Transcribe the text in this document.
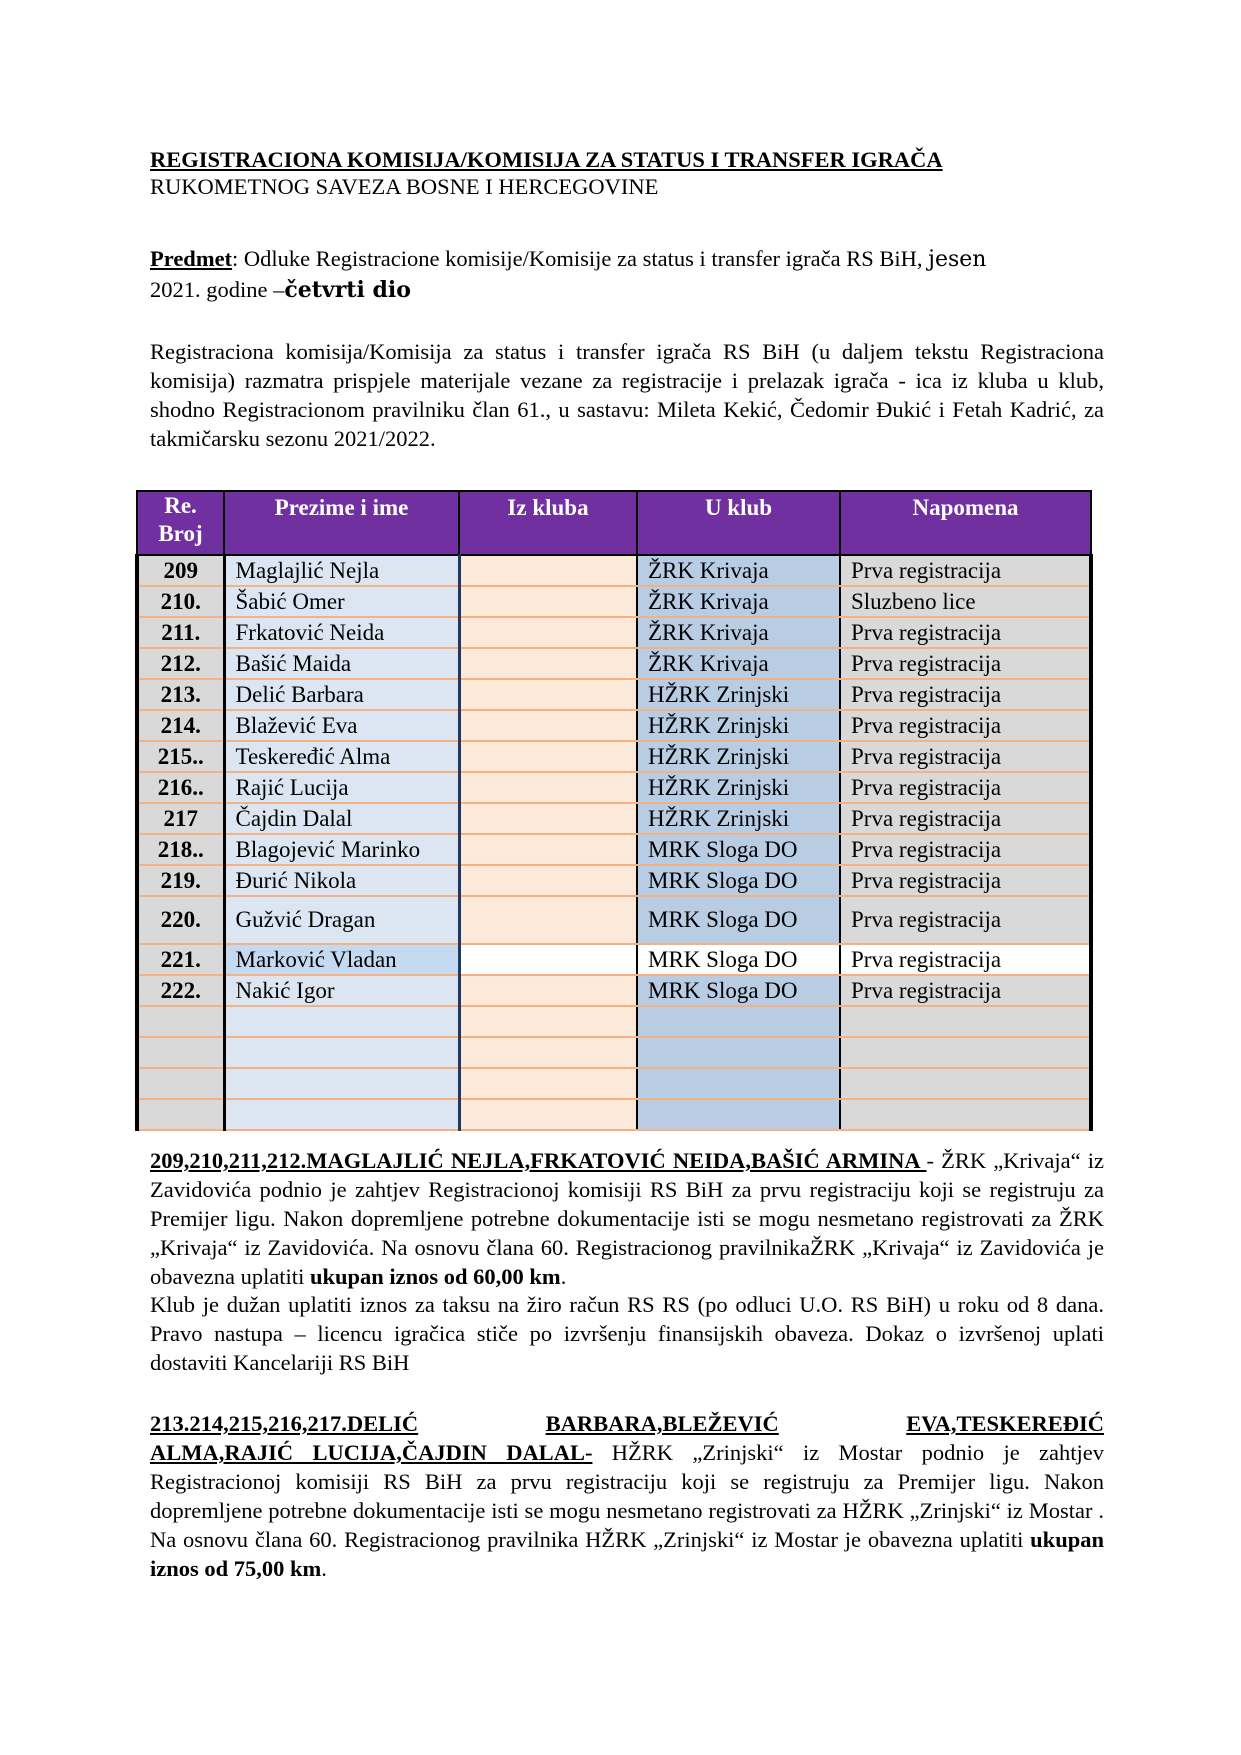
REGISTRACIONA KOMISIJA/KOMISIJA ZA STATUS I TRANSFER IGRAČA
RUKOMETNOG SAVEZA BOSNE I HERCEGOVINE
Predmet: Odluke Registracione komisije/Komisije za status i transfer igrača RS BiH, jesen
2021. godine –četvrti dio
Registraciona komisija/Komisija za status i transfer igrača RS BiH (u daljem tekstu Registraciona komisija) razmatra prispjele materijale vezane za registracije i prelazak igrača - ica iz kluba u klub, shodno Registracionom pravilniku član 61., u sastavu: Mileta Kekić, Čedomir Đukić i Fetah Kadrić, za takmičarsku sezonu 2021/2022.
Re. Broj	Prezime i ime	Iz kluba	U klub	Napomena
209	Maglajlić Nejla		ŽRK Krivaja	Prva registracija
210.	Šabić Omer		ŽRK Krivaja	Sluzbeno lice
211.	Frkatović Neida		ŽRK Krivaja	Prva registracija
212.	Bašić Maida		ŽRK Krivaja	Prva registracija
213.	Delić Barbara		HŽRK Zrinjski	Prva registracija
214.	Blažević Eva		HŽRK Zrinjski	Prva registracija
215..	Teskeređić Alma		HŽRK Zrinjski	Prva registracija
216..	Rajić Lucija		HŽRK Zrinjski	Prva registracija
217	Čajdin Dalal		HŽRK Zrinjski	Prva registracija
218..	Blagojević Marinko		MRK Sloga DO	Prva registracija
219.	Đurić Nikola		MRK Sloga DO	Prva registracija
220.	Gužvić Dragan		MRK Sloga DO	Prva registracija
221.	Marković Vladan		MRK Sloga DO	Prva registracija
222.	Nakić Igor		MRK Sloga DO	Prva registracija

209,210,211,212.MAGLAJLIĆ NEJLA,FRKATOVIĆ NEIDA,BAŠIĆ ARMINA - ŽRK „Krivaja“ iz Zavidovića podnio je zahtjev Registracionoj komisiji RS BiH za prvu registraciju koji se registruju za Premijer ligu. Nakon dopremljene potrebne dokumentacije isti se mogu nesmetano registrovati za ŽRK „Krivaja“ iz Zavidovića. Na osnovu člana 60. Registracionog pravilnikaŽRK „Krivaja“ iz Zavidovića je obavezna uplatiti ukupan iznos od 60,00 km.
Klub je dužan uplatiti iznos za taksu na žiro račun RS RS (po odluci U.O. RS BiH) u roku od 8 dana. Pravo nastupa – licencu igračica stiče po izvršenju finansijskih obaveza. Dokaz o izvršenoj uplati dostaviti Kancelariji RS BiH
213.214,215,216,217.DELIĆ	BARBARA,BLEŽEVIĆ	EVA,TESKEREĐIĆ
ALMA,RAJIĆ LUCIJA,ČAJDIN DALAL- HŽRK „Zrinjski“ iz Mostar podnio je zahtjev Registracionoj komisiji RS BiH za prvu registraciju koji se registruju za Premijer ligu. Nakon dopremljene potrebne dokumentacije isti se mogu nesmetano registrovati za HŽRK „Zrinjski“ iz Mostar . Na osnovu člana 60. Registracionog pravilnika HŽRK „Zrinjski“ iz Mostar je obavezna uplatiti ukupan iznos od 75,00 km.
